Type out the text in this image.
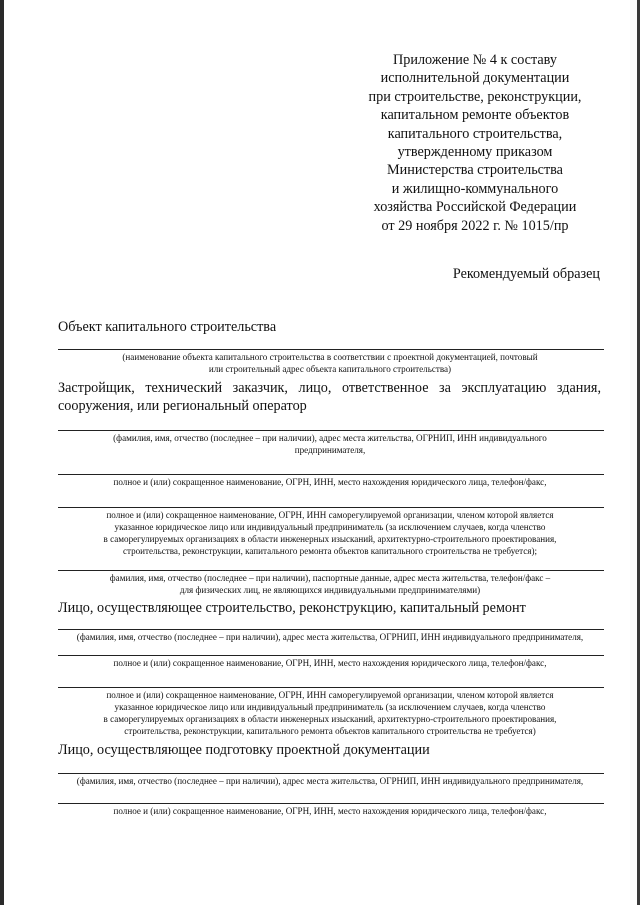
Приложение № 4 к составу
исполнительной документации
при строительстве, реконструкции,
капитальном ремонте объектов
капитального строительства,
утвержденному приказом
Министерства строительства
и жилищно-коммунального
хозяйства Российской Федерации
от 29 ноября 2022 г. № 1015/пр
Рекомендуемый образец
Объект капитального строительства
(наименование объекта капитального строительства в соответствии с проектной документацией, почтовый
или строительный адрес объекта капитального строительства)
Застройщик, технический заказчик, лицо, ответственное за эксплуатацию здания, сооружения, или региональный оператор
(фамилия, имя, отчество (последнее – при наличии), адрес места жительства, ОГРНИП, ИНН индивидуального
предпринимателя,
полное и (или) сокращенное наименование, ОГРН, ИНН, место нахождения юридического лица, телефон/факс,
полное и (или) сокращенное наименование, ОГРН, ИНН саморегулируемой организации, членом которой является
указанное юридическое лицо или индивидуальный предприниматель (за исключением случаев, когда членство
в саморегулируемых организациях в области инженерных изысканий, архитектурно-строительного проектирования,
строительства, реконструкции, капитального ремонта объектов капитального строительства не требуется);
фамилия, имя, отчество (последнее – при наличии), паспортные данные, адрес места жительства, телефон/факс –
для физических лиц, не являющихся индивидуальными предпринимателями)
Лицо, осуществляющее строительство, реконструкцию, капитальный ремонт
(фамилия, имя, отчество (последнее – при наличии), адрес места жительства, ОГРНИП, ИНН индивидуального предпринимателя,
полное и (или) сокращенное наименование, ОГРН, ИНН, место нахождения юридического лица, телефон/факс,
полное и (или) сокращенное наименование, ОГРН, ИНН саморегулируемой организации, членом которой является
указанное юридическое лицо или индивидуальный предприниматель (за исключением случаев, когда членство
в саморегулируемых организациях в области инженерных изысканий, архитектурно-строительного проектирования,
строительства, реконструкции, капитального ремонта объектов капитального строительства не требуется)
Лицо, осуществляющее подготовку проектной документации
(фамилия, имя, отчество (последнее – при наличии), адрес места жительства, ОГРНИП, ИНН индивидуального предпринимателя,
полное и (или) сокращенное наименование, ОГРН, ИНН, место нахождения юридического лица, телефон/факс,
